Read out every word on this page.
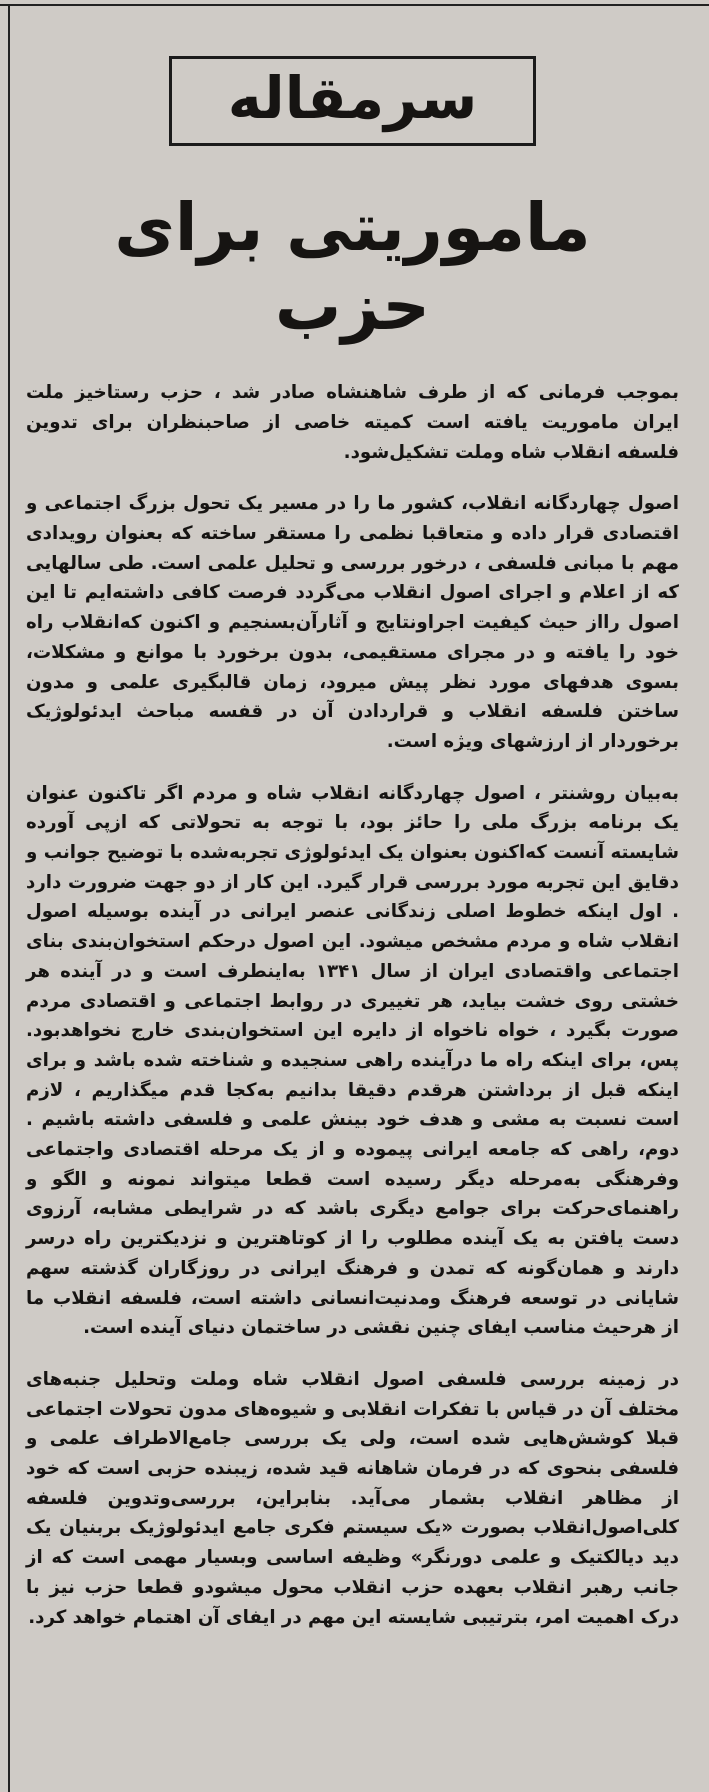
سرمقاله
ماموریتی برای حزب

بموجب فرمانی که از طرف شاهنشاه صادر شد ، حزب رستاخیز ملت ایران ماموریت یافته است کمیته خاصی از صاحبنظران برای تدوین فلسفه انقلاب شاه وملت تشکیل‌شود.

اصول چهاردگانه انقلاب، کشور ما را در مسیر یک تحول بزرگ اجتماعی و اقتصادی قرار داده و متعاقبا نظمی را مستقر ساخته که بعنوان رویدادی مهم با مبانی فلسفی ، درخور بررسی و تحلیل علمی است. طی سالهایی که از اعلام و اجرای اصول انقلاب می‌گردد فرصت کافی داشته‌ایم تا این اصول رااز حیث کیفیت اجراونتایج و آثارآن‌بسنجیم و اکنون که‌انقلاب راه خود را یافته و در مجرای مستقیمی، بدون برخورد با موانع و مشکلات، بسوی هدفهای مورد نظر پیش میرود، زمان قالبگیری علمی و مدون ساختن فلسفه انقلاب و قراردادن آن در قفسه مباحث ایدئولوژیک برخوردار از ارزشهای ویژه است.

به‌بیان روشنتر ، اصول چهاردگانه انقلاب شاه و مردم اگر تاکنون عنوان یک برنامه بزرگ ملی را حائز بود، با توجه به تحولاتی که ازپی آورده شایسته آنست که‌اکنون بعنوان یک ایدئولوژی تجربه‌شده با توضیح جوانب و دقایق این تجربه مورد بررسی قرار گیرد. این کار از دو جهت ضرورت دارد . اول اینکه خطوط اصلی زندگانی عنصر ایرانی در آینده بوسیله اصول انقلاب شاه و مردم مشخص میشود. این اصول درحکم استخوان‌بندی بنای اجتماعی واقتصادی ایران از سال ۱۳۴۱ به‌اینطرف است و در آینده هر خشتی روی خشت بیاید، هر تغییری در روابط اجتماعی و اقتصادی مردم صورت بگیرد ، خواه ناخواه از دایره این استخوان‌بندی خارج نخواهدبود. پس، برای اینکه راه ما درآینده راهی سنجیده و شناخته شده باشد و برای اینکه قبل از برداشتن هرقدم دقیقا بدانیم به‌کجا قدم میگذاریم ، لازم است نسبت به مشی و هدف خود بینش علمی و فلسفی داشته باشیم . دوم، راهی که جامعه ایرانی پیموده و از یک مرحله اقتصادی واجتماعی وفرهنگی به‌مرحله دیگر رسیده است قطعا میتواند نمونه و الگو و راهنمای‌حرکت برای جوامع دیگری باشد که در شرایطی مشابه، آرزوی دست یافتن به یک آینده مطلوب را از کوتاهترین و نزدیکترین راه درسر دارند و همان‌گونه که تمدن و فرهنگ ایرانی در روزگاران گذشته سهم شایانی در توسعه فرهنگ ومدنیت‌انسانی داشته است، فلسفه انقلاب ما از هرحیث مناسب ایفای چنین نقشی در ساختمان دنیای آینده است.

در زمینه بررسی فلسفی اصول انقلاب شاه وملت وتحلیل جنبه‌های مختلف آن در قیاس با تفکرات انقلابی و شیوه‌های مدون تحولات اجتماعی قبلا کوشش‌هایی شده است، ولی یک بررسی جامع‌الاطراف علمی و فلسفی بنحوی که در فرمان شاهانه قید شده، زیبنده حزبی است که خود از مظاهر انقلاب بشمار می‌آید. بنابراین، بررسی‌وتدوین فلسفه کلی‌اصول‌انقلاب بصورت «یک سیستم فکری جامع ایدئولوژیک بربنیان یک دید دیالکتیک و علمی دورنگر» وظیفه اساسی وبسیار مهمی است که از جانب رهبر انقلاب بعهده حزب انقلاب محول میشودو قطعا حزب نیز با درک اهمیت امر، بترتیبی شایسته این مهم در ایفای آن اهتمام خواهد کرد.
